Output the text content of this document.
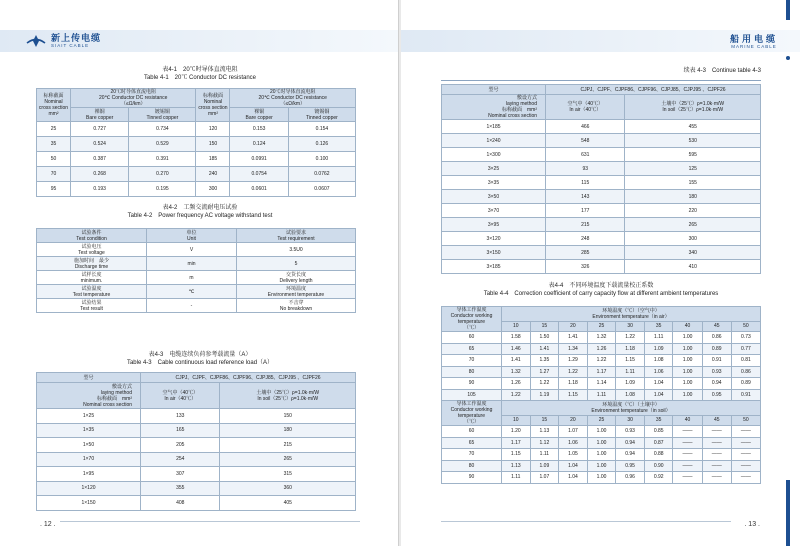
新上传电缆
SIAIT CABLE
表4-1　20℃时导体直流电阻
Table 4-1　20℃ Conductor DC resistance
标称截面
Nominal cross section
mm²	20℃时导体直流电阻
20℃ Conductor DC resistance
（≤Ω/km）		标称截面
Nominal cross section
mm²	20℃时导体直流电阻
20℃ Conductor DC resistance
（≤Ω/km）	
	裸铜
Bare copper	镀锡铜
Tinned copper		裸铜
Bare copper	镀锡铜
Tinned copper
25	0.727	0.734	120	0.153	0.154
35	0.524	0.529	150	0.124	0.126
50	0.387	0.391	185	0.0991	0.100
70	0.268	0.270	240	0.0754	0.0762
95	0.193	0.195	300	0.0601	0.0607
表4-2　工频交流耐电压试验
Table 4-2　Power frequency AC voltage withstand test
试验条件
Test condition	单位
Unit	试验要求
Test requirement
试验电压
Test voltage	V	3.5U0
施加时间　最少
Discharge time	min	5
试样长度
minimum.	m	交货长度
Delivery length
试验温度
Test temperature	℃	环境温度
Environment temperature
试验结果
Test result	-	不击穿
No breakdown
表4-3　电缆连续负荷参考载流量（A）
Table 4-3　Cable continuous load reference load（A）
型号	CJPJ、CJPF、CJPF86、CJPF96、CJPJ85、CJPJ95 、CJPF26	
敷设方式
laying method
标称截面　mm²
Nominal cross section	空气中（40℃）
In air（40℃）	土壤中（25℃）ρ=1.0k·m/W
In soil（25℃）ρ=1.0k·m/W
1×25	133	150
1×35	165	180
1×50	205	215
1×70	254	265
1×95	307	315
1×120	355	360
1×150	408	405
. 12 .
船用电缆
MARINE CABLE
续表 4-3　Continue table 4-3
型号	CJPJ、CJPF、CJPF86、CJPF96、CJPJ85、CJPJ95 、CJPF26	
敷设方式
laying method
标称截面　mm²
Nominal cross section	空气中（40℃）
In air（40℃）	土壤中（25℃）ρ=1.0k·m/W
In soil（25℃）ρ=1.0k·m/W
1×185	466	455
1×240	548	530
1×300	631	595
3×25	93	125
3×35	115	155
3×50	143	180
3×70	177	220
3×95	215	265
3×120	248	300
3×150	285	340
3×185	326	410
表4-4　不同环境温度下载流量校正系数
Table 4-4　Correction coefficient of carry capacity flow at different ambient temperatures
导体工作温度
Conductor working temperature
（℃）	环境温度（℃）（空气中）
Environment temperature（in air）								
	10	15	20	25	30	35	40	45	50
60	1.58	1.50	1.41	1.32	1.22	1.11	1.00	0.86	0.73
65	1.46	1.41	1.34	1.26	1.18	1.09	1.00	0.89	0.77
70	1.41	1.35	1.29	1.22	1.15	1.08	1.00	0.91	0.81
80	1.32	1.27	1.22	1.17	1.11	1.06	1.00	0.93	0.86
90	1.26	1.22	1.18	1.14	1.09	1.04	1.00	0.94	0.89
105	1.22	1.19	1.15	1.11	1.08	1.04	1.00	0.95	0.91
导体工作温度
Conductor working temperature
（℃）	环境温度（℃）（土壤中）
Environment temperature（in soil）								
	10	15	20	25	30	35	40	45	50
60	1.20	1.13	1.07	1.00	0.93	0.85	——	——	——
65	1.17	1.12	1.06	1.00	0.94	0.87	——	——	——
70	1.15	1.11	1.05	1.00	0.94	0.88	——	——	——
80	1.13	1.09	1.04	1.00	0.95	0.90	——	——	——
90	1.11	1.07	1.04	1.00	0.96	0.92	——	——	——
. 13 .
